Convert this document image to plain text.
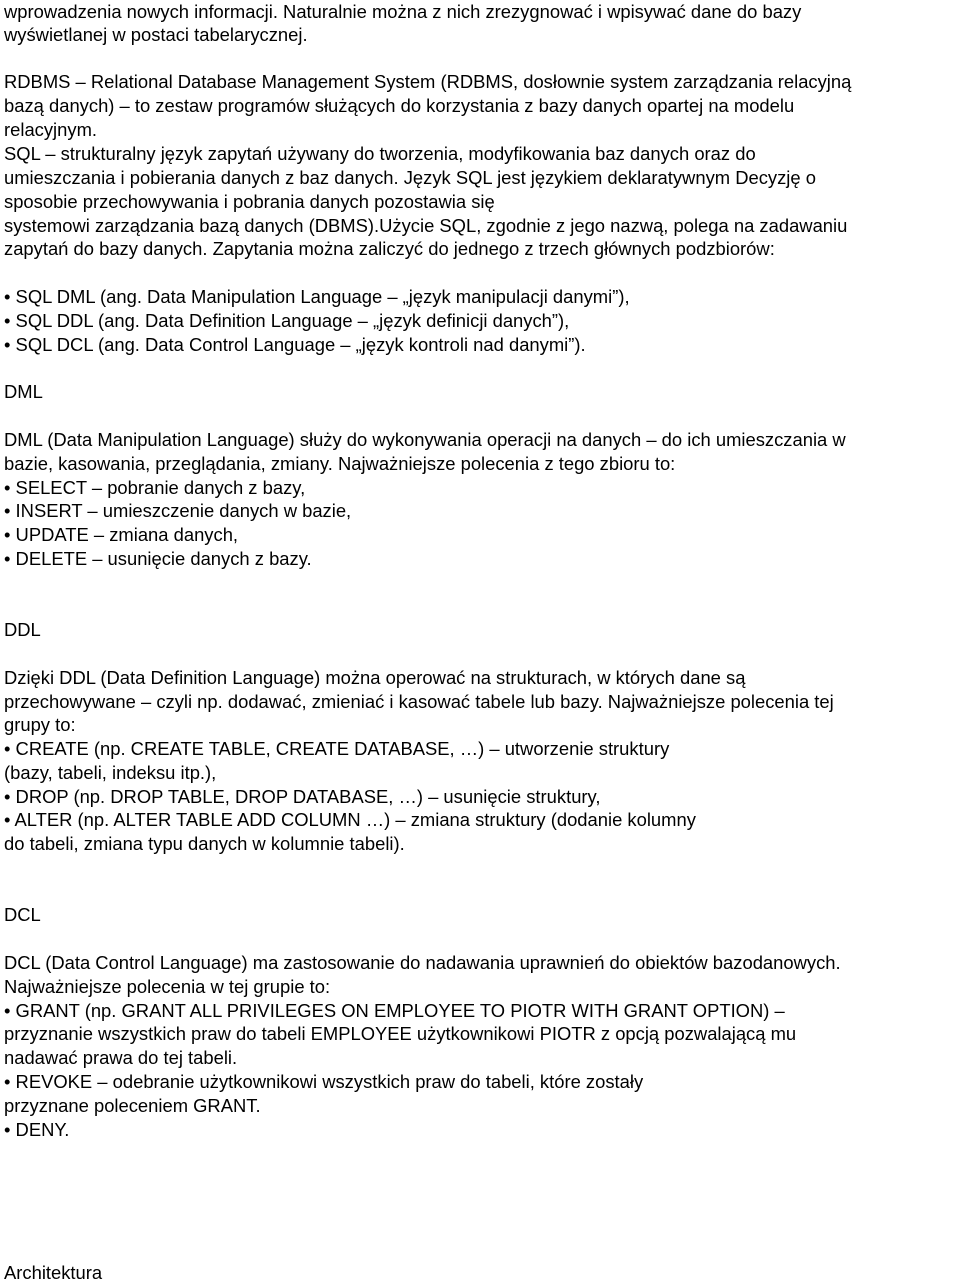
wprowadzenia nowych informacji. Naturalnie można z nich zrezygnować i wpisywać dane do bazy
wyświetlanej w postaci tabelarycznej.
RDBMS – Relational Database Management System (RDBMS, dosłownie system zarządzania relacyjną
bazą danych) – to zestaw programów służących do korzystania z bazy danych opartej na modelu
relacyjnym.
SQL – strukturalny język zapytań używany do tworzenia, modyfikowania baz danych oraz do
umieszczania i pobierania danych z baz danych. Język SQL jest językiem deklaratywnym Decyzję o
sposobie przechowywania i pobrania danych pozostawia się
systemowi zarządzania bazą danych (DBMS).Użycie SQL, zgodnie z jego nazwą, polega na zadawaniu
zapytań do bazy danych. Zapytania można zaliczyć do jednego z trzech głównych podzbiorów:
• SQL DML (ang. Data Manipulation Language – „język manipulacji danymi”),
• SQL DDL (ang. Data Definition Language – „język definicji danych”),
• SQL DCL (ang. Data Control Language – „język kontroli nad danymi”).
DML
DML (Data Manipulation Language) służy do wykonywania operacji na danych – do ich umieszczania w
bazie, kasowania, przeglądania, zmiany. Najważniejsze polecenia z tego zbioru to:
• SELECT – pobranie danych z bazy,
• INSERT – umieszczenie danych w bazie,
• UPDATE – zmiana danych,
• DELETE – usunięcie danych z bazy.
DDL
Dzięki DDL (Data Definition Language) można operować na strukturach, w których dane są
przechowywane – czyli np. dodawać, zmieniać i kasować tabele lub bazy. Najważniejsze polecenia tej
grupy to:
• CREATE (np. CREATE TABLE, CREATE DATABASE, …) – utworzenie struktury
(bazy, tabeli, indeksu itp.),
• DROP (np. DROP TABLE, DROP DATABASE, …) – usunięcie struktury,
• ALTER (np. ALTER TABLE ADD COLUMN …) – zmiana struktury (dodanie kolumny
do tabeli, zmiana typu danych w kolumnie tabeli).
DCL
DCL (Data Control Language) ma zastosowanie do nadawania uprawnień do obiektów bazodanowych.
Najważniejsze polecenia w tej grupie to:
• GRANT (np. GRANT ALL PRIVILEGES ON EMPLOYEE TO PIOTR WITH GRANT OPTION) –
przyznanie wszystkich praw do tabeli EMPLOYEE użytkownikowi PIOTR z opcją pozwalającą mu
nadawać prawa do tej tabeli.
• REVOKE – odebranie użytkownikowi wszystkich praw do tabeli, które zostały
przyznane poleceniem GRANT.
• DENY.
Architektura
